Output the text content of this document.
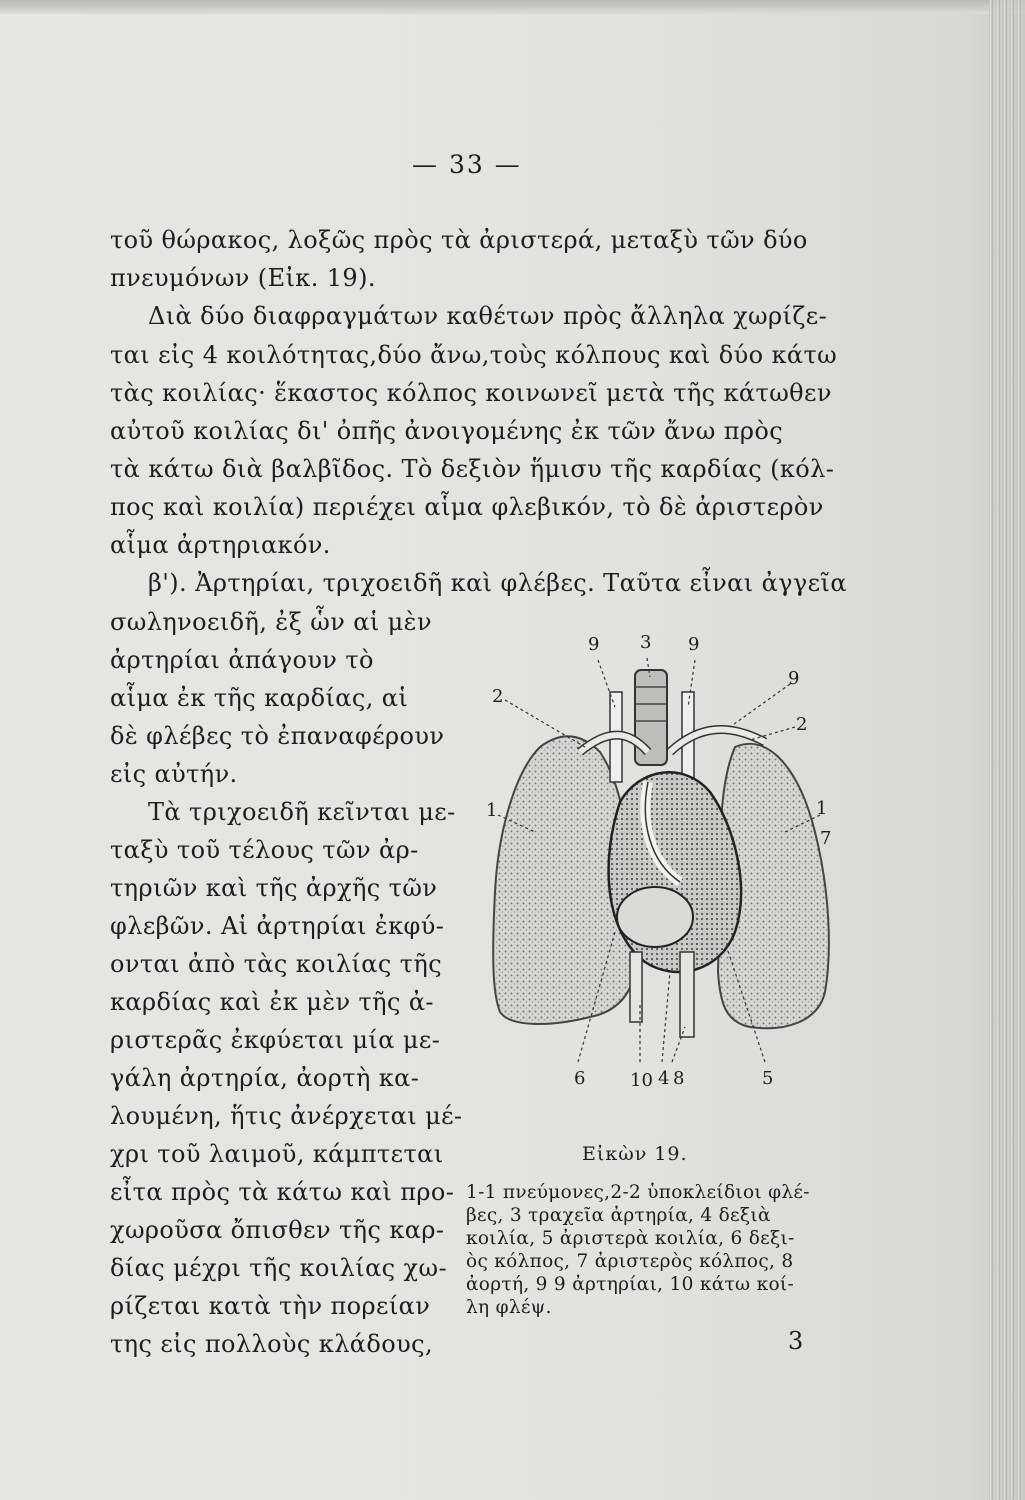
— 33 —
τοῦ θώρακος, λοξῶς πρὸς τὰ ἀριστερά, μεταξὺ τῶν δύο
πνευμόνων (Εἰκ. 19).
Διὰ δύο διαφραγμάτων καθέτων πρὸς ἄλληλα χωρίζε-
ται εἰς 4 κοιλότητας,δύο ἄνω,τοὺς κόλπους καὶ δύο κάτω
τὰς κοιλίας· ἕκαστος κόλπος κοινωνεῖ μετὰ τῆς κάτωθεν
αὐτοῦ κοιλίας δι' ὀπῆς ἀνοιγομένης ἐκ τῶν ἄνω πρὸς
τὰ κάτω διὰ βαλβῖδος. Τὸ δεξιὸν ἥμισυ τῆς καρδίας (κόλ-
πος καὶ κοιλία) περιέχει αἷμα φλεβικόν, τὸ δὲ ἀριστερὸν
αἷμα ἀρτηριακόν.
β'). Ἀρτηρίαι, τριχοειδῆ καὶ φλέβες. Ταῦτα εἶναι ἀγγεῖα
σωληνοειδῆ, ἐξ ὧν αἱ μὲν
ἀρτηρίαι ἀπάγουν τὸ
αἷμα ἐκ τῆς καρδίας, αἱ
δὲ φλέβες τὸ ἐπαναφέρουν
εἰς αὐτήν.
Τὰ τριχοειδῆ κεῖνται με-
ταξὺ τοῦ τέλους τῶν ἀρ-
τηριῶν καὶ τῆς ἀρχῆς τῶν
φλεβῶν. Αἱ ἀρτηρίαι ἐκφύ-
ονται ἀπὸ τὰς κοιλίας τῆς
καρδίας καὶ ἐκ μὲν τῆς ἀ-
ριστερᾶς ἐκφύεται μία με-
γάλη ἀρτηρία, ἀορτὴ κα-
λουμένη, ἥτις ἀνέρχεται μέ-
χρι τοῦ λαιμοῦ, κάμπτεται
εἶτα πρὸς τὰ κάτω καὶ προ-
χωροῦσα ὄπισθεν τῆς καρ-
δίας μέχρι τῆς κοιλίας χω-
ρίζεται κατὰ τὴν πορείαν
της εἰς πολλοὺς κλάδους,
9 3 9
9
2
2
1	1
7
6 10 4 8	5
Εἰκὼν 19.
1-1 πνεύμονες,2-2 ὑποκλείδιοι φλέ-
βες, 3 τραχεῖα ἀρτηρία, 4 δεξιὰ
κοιλία, 5 ἀριστερὰ κοιλία, 6 δεξι-
ὸς κόλπος, 7 ἀριστερὸς κόλπος, 8
ἀορτή, 9 9 ἀρτηρίαι, 10 κάτω κοί-
λη φλέψ.
3
